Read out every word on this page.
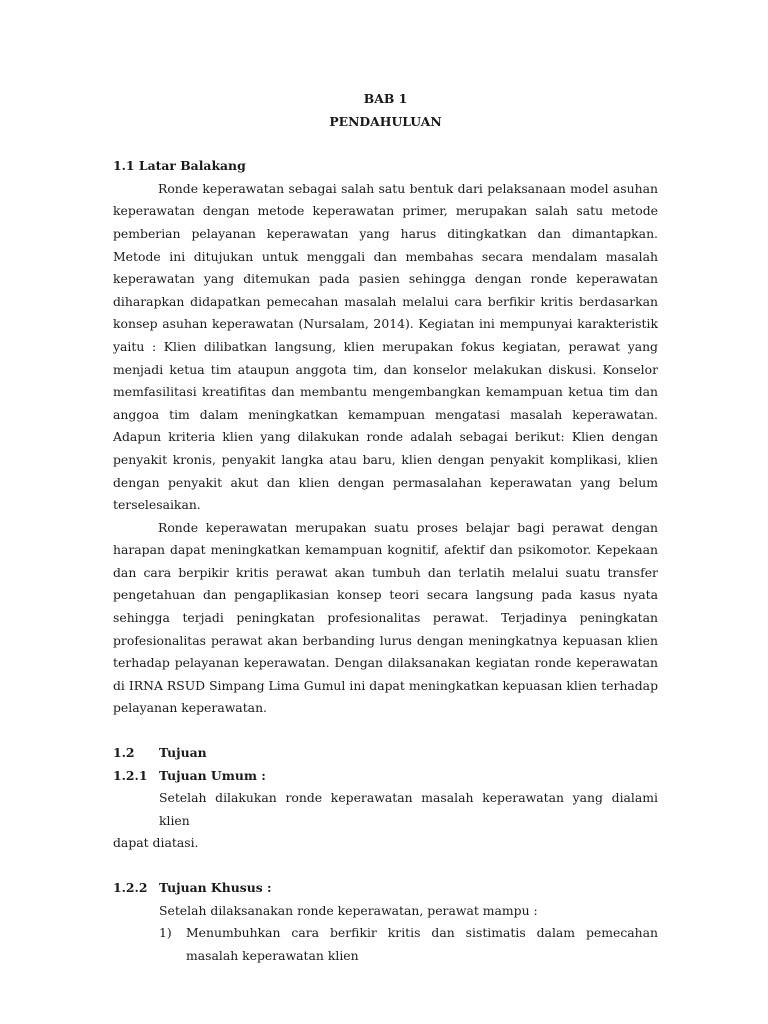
BAB 1

PENDAHULUAN

1.1 Latar Balakang

Ronde keperawatan sebagai salah satu bentuk dari pelaksanaan model asuhan keperawatan dengan metode keperawatan primer, merupakan salah satu metode pemberian pelayanan keperawatan yang harus ditingkatkan dan dimantapkan. Metode ini ditujukan untuk menggali dan membahas secara mendalam masalah keperawatan yang ditemukan pada pasien sehingga dengan ronde keperawatan diharapkan didapatkan pemecahan masalah melalui cara berfikir kritis berdasarkan konsep asuhan keperawatan (Nursalam, 2014). Kegiatan ini mempunyai karakteristik yaitu : Klien dilibatkan langsung, klien merupakan fokus kegiatan, perawat yang menjadi ketua tim ataupun anggota tim, dan konselor melakukan diskusi. Konselor memfasilitasi kreatifitas dan membantu mengembangkan kemampuan ketua tim dan anggoa tim dalam meningkatkan kemampuan mengatasi masalah keperawatan. Adapun kriteria klien yang dilakukan ronde adalah sebagai berikut: Klien dengan penyakit kronis, penyakit langka atau baru, klien dengan penyakit komplikasi, klien dengan penyakit akut dan klien dengan permasalahan keperawatan yang belum terselesaikan.

Ronde keperawatan merupakan suatu proses belajar bagi perawat dengan harapan dapat meningkatkan kemampuan kognitif, afektif dan psikomotor. Kepekaan dan cara berpikir kritis perawat akan tumbuh dan terlatih melalui suatu transfer pengetahuan dan pengaplikasian konsep teori secara langsung pada kasus nyata sehingga terjadi peningkatan profesionalitas perawat. Terjadinya peningkatan profesionalitas perawat akan berbanding lurus dengan meningkatnya kepuasan klien terhadap pelayanan keperawatan. Dengan dilaksanakan kegiatan ronde keperawatan di IRNA RSUD Simpang Lima Gumul ini dapat meningkatkan kepuasan klien terhadap pelayanan keperawatan.

1.2	Tujuan

1.2.1 Tujuan Umum :

Setelah dilakukan ronde keperawatan masalah keperawatan yang dialami klien

dapat diatasi.

1.2.2 Tujuan Khusus :

Setelah dilaksanakan ronde keperawatan, perawat mampu :

1)	Menumbuhkan cara berfikir kritis dan sistimatis dalam pemecahan masalah keperawatan klien
